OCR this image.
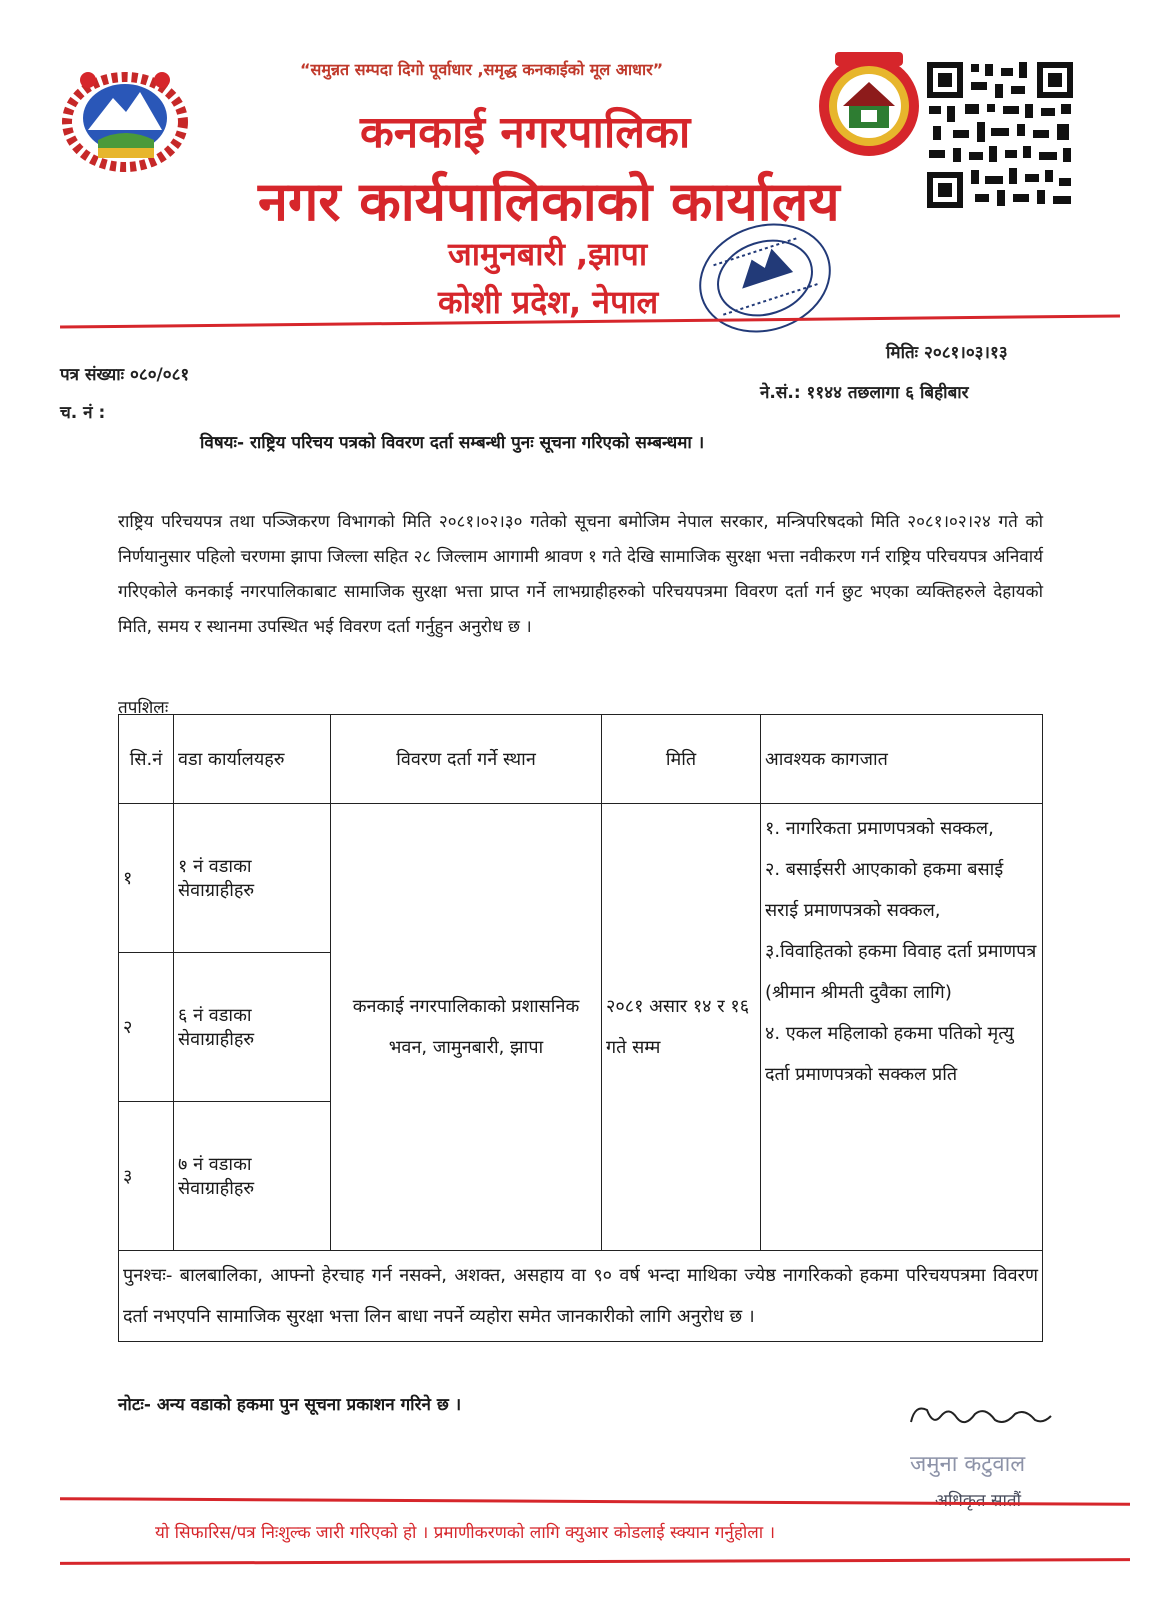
“समुन्नत सम्पदा दिगो पूर्वाधार ,समृद्ध कनकाईको मूल आधार”
कनकाई नगरपालिका
नगर कार्यपालिकाको कार्यालय
जामुनबारी ,झापा
कोशी प्रदेश, नेपाल
पत्र संख्याः ०८०/०८१
च. नं :
मितिः २०८१।०३।१३
ने.सं.: ११४४ तछलागा ६ बिहीबार
विषयः- राष्ट्रिय परिचय पत्रको विवरण दर्ता सम्बन्धी पुनः सूचना गरिएको सम्बन्धमा ।
राष्ट्रिय परिचयपत्र तथा पञ्जिकरण विभागको मिति २०८१।०२।३० गतेको सूचना बमोजिम नेपाल सरकार, मन्त्रिपरिषदको मिति २०८१।०२।२४ गते को निर्णयानुसार पहिलो चरणमा झापा जिल्ला सहित २८ जिल्लाम आगामी श्रावण १ गते देखि सामाजिक सुरक्षा भत्ता नवीकरण गर्न राष्ट्रिय परिचयपत्र अनिवार्य गरिएकोले कनकाई नगरपालिकाबाट सामाजिक सुरक्षा भत्ता प्राप्त गर्ने लाभग्राहीहरुको परिचयपत्रमा विवरण दर्ता गर्न छुट भएका व्यक्तिहरुले देहायको मिति, समय र स्थानमा उपस्थित भई विवरण दर्ता गर्नुहुन अनुरोध छ ।
तपशिलः
सि.नं	वडा कार्यालयहरु	विवरण दर्ता गर्ने स्थान	मिति	आवश्यक कागजात
१	१ नं वडाका सेवाग्राहीहरु	कनकाई नगरपालिकाको प्रशासनिक भवन, जामुनबारी, झापा	२०८१ असार १४ र १६ गते सम्म	१. नागरिकता प्रमाणपत्रको सक्कल,
२. बसाईसरी आएकाको हकमा बसाई सराई प्रमाणपत्रको सक्कल,
३.विवाहितको हकमा विवाह दर्ता प्रमाणपत्र (श्रीमान श्रीमती दुवैका लागि)
४. एकल महिलाको हकमा पतिको मृत्यु दर्ता प्रमाणपत्रको सक्कल प्रति

२	६ नं वडाका सेवाग्राहीहरु			
३	७ नं वडाका सेवाग्राहीहरु			
पुनश्चः- बालबालिका, आफ्नो हेरचाह गर्न नसक्ने, अशक्त, असहाय वा ९० वर्ष भन्दा माथिका ज्येष्ठ नागरिकको हकमा परिचयपत्रमा विवरण दर्ता नभएपनि सामाजिक सुरक्षा भत्ता लिन बाधा नपर्ने व्यहोरा समेत जानकारीको लागि अनुरोध छ ।				
नोटः- अन्य वडाको हकमा पुन सूचना प्रकाशन गरिने छ ।
जमुना कटुवाल
अधिकृत सातौं
यो सिफारिस/पत्र निःशुल्क जारी गरिएको हो । प्रमाणीकरणको लागि क्युआर कोडलाई स्क्यान गर्नुहोला ।
